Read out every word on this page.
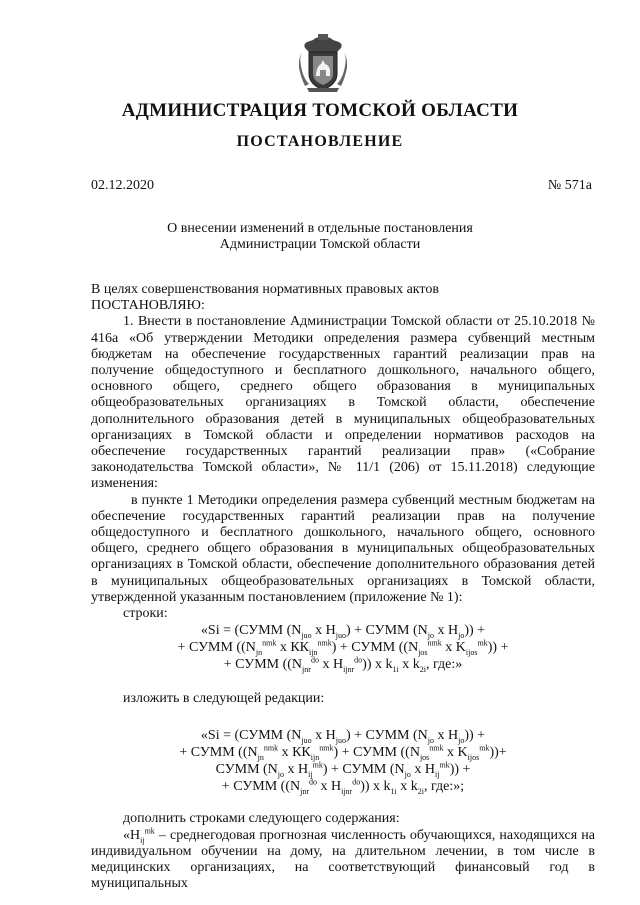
АДМИНИСТРАЦИЯ ТОМСКОЙ ОБЛАСТИ
ПОСТАНОВЛЕНИЕ
02.12.2020	№ 571а
О внесении изменений в отдельные постановления
Администрации Томской области

В целях совершенствования нормативных правовых актов

ПОСТАНОВЛЯЮ:

1. Внести в постановление Администрации Томской области от 25.10.2018 № 416а «Об утверждении Методики определения размера субвенций местным бюджетам на обеспечение государственных гарантий реализации прав на получение общедоступного и бесплатного дошкольного, начального общего, основного общего, среднего общего образования в муниципальных общеобразовательных организациях в Томской области, обеспечение дополнительного образования детей в муниципальных общеобразовательных организациях в Томской области и определении нормативов расходов на обеспечение государственных гарантий реализации прав» («Собрание законодательства Томской области», № 11/1 (206) от 15.11.2018) следующие изменения:

в пункте 1 Методики определения размера субвенций местным бюджетам на обеспечение государственных гарантий реализации прав на получение общедоступного и бесплатного дошкольного, начального общего, основного общего, среднего общего образования в муниципальных общеобразовательных организациях в Томской области, обеспечение дополнительного образования детей в муниципальных общеобразовательных организациях в Томской области, утвержденной указанным постановлением (приложение № 1):

строки:

«Si = (СУММ ($N_{juo}$ х $H_{juo}$) + СУММ ($N_{jo}$ х $H_{jo}$)) +

+ СУММ (($N_{jn}^{nmk}$ х $КК_{ijn}^{nmk}$) + СУММ (($N_{jos}^{nmk}$ х $K_{ijos}^{mk}$)) +

+ СУММ (($N_{jnr}^{do}$ х $H_{ijnr}^{do}$)) х $k_{1i}$ х $k_{2i}$, где:»

изложить в следующей редакции:

«Si = (СУММ ($N_{juo}$ х $H_{juo}$) + СУММ ($N_{jo}$ х $H_{jo}$)) +

+ СУММ (($N_{jn}^{nmk}$ х $КК_{ijn}^{nmk}$) + СУММ (($N_{jos}^{nmk}$ х $K_{ijos}^{mk}))+$

СУММ ($N_{jo}$ х $H_{ij}^{mk}$) + СУММ ($N_{jo}$ х $H_{ij}^{mk}$)) +

+ СУММ (($N_{jnr}^{do}$ х $H_{ijnr}^{do}$)) х $k_{1i}$ х $k_{2i}$, где:»;

дополнить строками следующего содержания:

«$H_{ij}^{mk}$ – среднегодовая прогнозная численность обучающихся, находящихся на индивидуальном обучении на дому, на длительном лечении, в том числе в медицинских организациях, на соответствующий финансовый год в муниципальных
